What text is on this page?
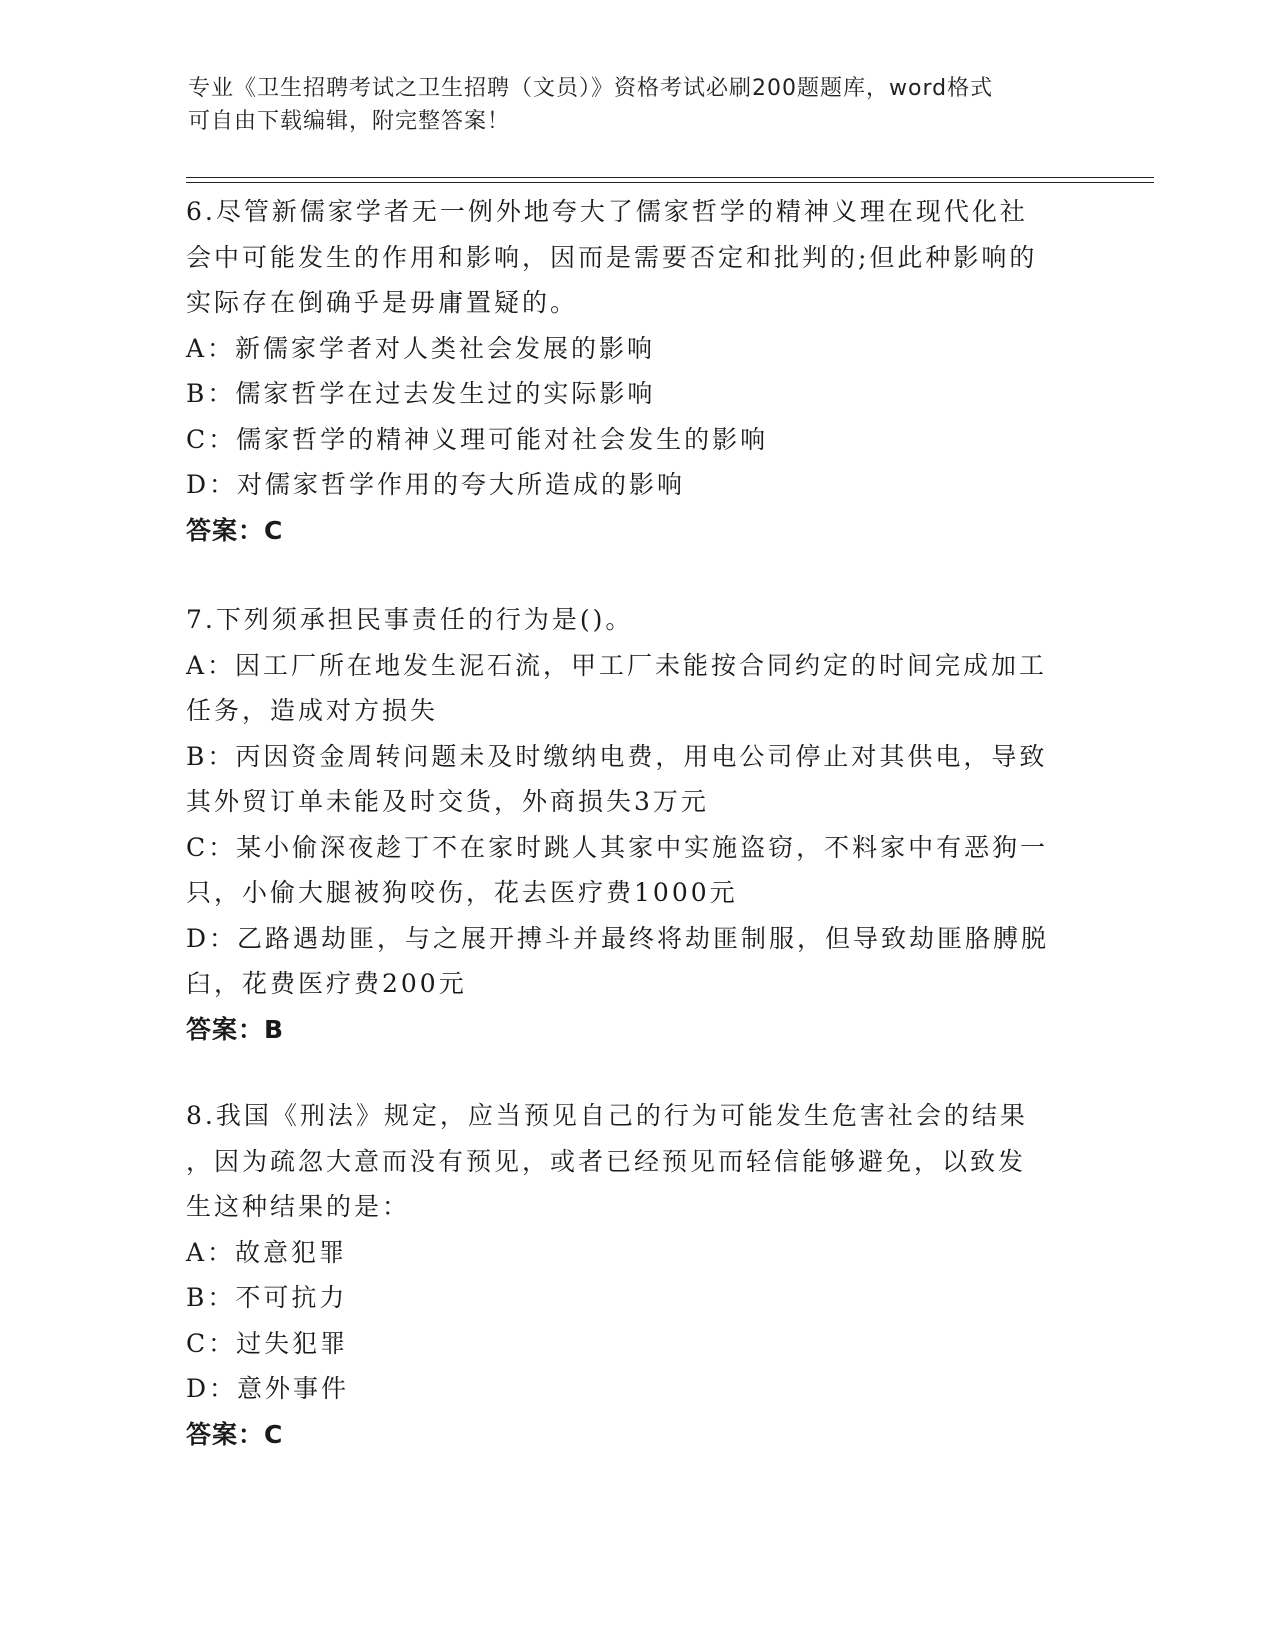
专业《卫生招聘考试之卫生招聘（文员）》资格考试必刷200题题库，word格式
可自由下载编辑，附完整答案！
6.尽管新儒家学者无一例外地夸大了儒家哲学的精神义理在现代化社
会中可能发生的作用和影响，因而是需要否定和批判的;但此种影响的
实际存在倒确乎是毋庸置疑的。
A：新儒家学者对人类社会发展的影响
B：儒家哲学在过去发生过的实际影响
C：儒家哲学的精神义理可能对社会发生的影响
D：对儒家哲学作用的夸大所造成的影响
答案：C
7.下列须承担民事责任的行为是()。
A：因工厂所在地发生泥石流，甲工厂未能按合同约定的时间完成加工
任务，造成对方损失
B：丙因资金周转问题未及时缴纳电费，用电公司停止对其供电，导致
其外贸订单未能及时交货，外商损失3万元
C：某小偷深夜趁丁不在家时跳人其家中实施盗窃，不料家中有恶狗一
只，小偷大腿被狗咬伤，花去医疗费1000元
D：乙路遇劫匪，与之展开搏斗并最终将劫匪制服，但导致劫匪胳膊脱
臼，花费医疗费200元
答案：B
8.我国《刑法》规定，应当预见自己的行为可能发生危害社会的结果
，因为疏忽大意而没有预见，或者已经预见而轻信能够避免，以致发
生这种结果的是：
A：故意犯罪
B：不可抗力
C：过失犯罪
D：意外事件
答案：C
